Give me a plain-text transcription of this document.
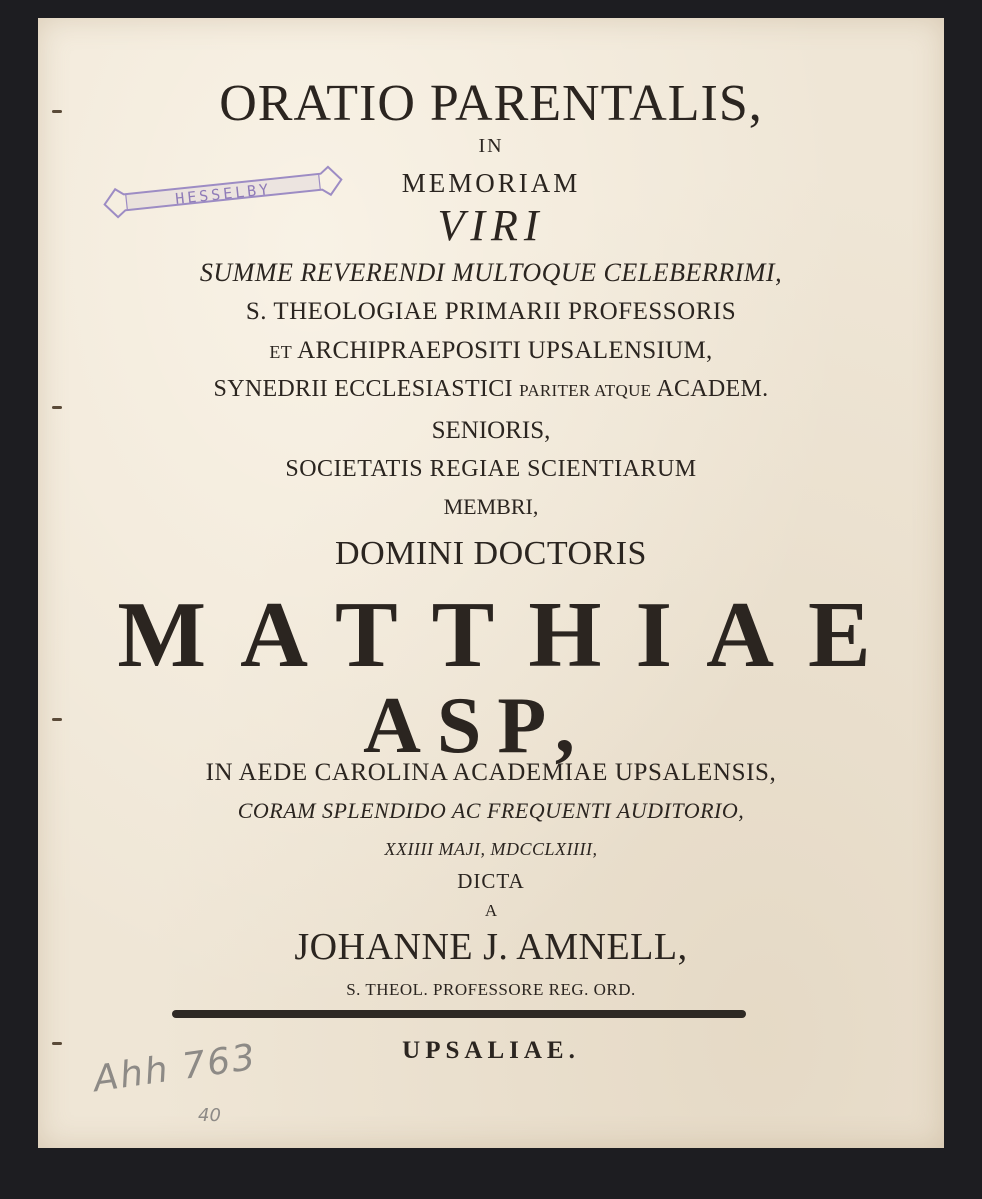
ORATIO PARENTALIS,
IN
MEMORIAM
VIRI
SUMME REVERENDI MULTOQUE CELEBERRIMI,
S. THEOLOGIAE PRIMARII PROFESSORIS
ET ARCHIPRAEPOSITI UPSALENSIUM,
SYNEDRII ECCLESIASTICI PARITER ATQUE ACADEM.
SENIORIS,
SOCIETATIS REGIAE SCIENTIARUM
MEMBRI,
DOMINI DOCTORIS
MATTHIAE
ASP,
IN AEDE CAROLINA ACADEMIAE UPSALENSIS,
CORAM SPLENDIDO AC FREQUENTI AUDITORIO,
XXIIII MAJI, MDCCLXIIII,
DICTA
A
JOHANNE J. AMNELL,
S. THEOL. PROFESSORE REG. ORD.
UPSALIAE.
HESSELBY
Ahh 763
40
